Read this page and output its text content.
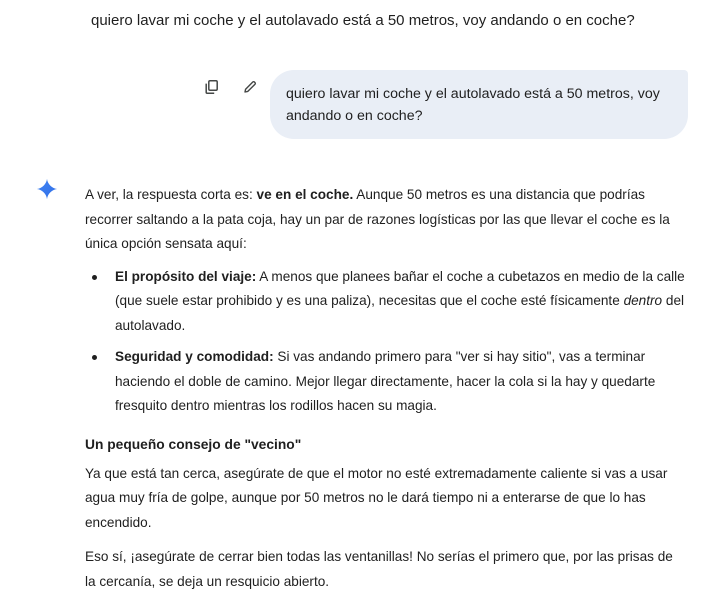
quiero lavar mi coche y el autolavado está a 50 metros, voy andando o en coche?
quiero lavar mi coche y el autolavado está a 50 metros, voy andando o en coche?

A ver, la respuesta corta es: ve en el coche. Aunque 50 metros es una distancia que podrías recorrer saltando a la pata coja, hay un par de razones logísticas por las que llevar el coche es la única opción sensata aquí:

El propósito del viaje: A menos que planees bañar el coche a cubetazos en medio de la calle (que suele estar prohibido y es una paliza), necesitas que el coche esté físicamente dentro del autolavado.
Seguridad y comodidad: Si vas andando primero para "ver si hay sitio", vas a terminar haciendo el doble de camino. Mejor llegar directamente, hacer la cola si la hay y quedarte fresquito dentro mientras los rodillos hacen su magia.
Un pequeño consejo de "vecino"

Ya que está tan cerca, asegúrate de que el motor no esté extremadamente caliente si vas a usar agua muy fría de golpe, aunque por 50 metros no le dará tiempo ni a enterarse de que lo has encendido.

Eso sí, ¡asegúrate de cerrar bien todas las ventanillas! No serías el primero que, por las prisas de la cercanía, se deja un resquicio abierto.
